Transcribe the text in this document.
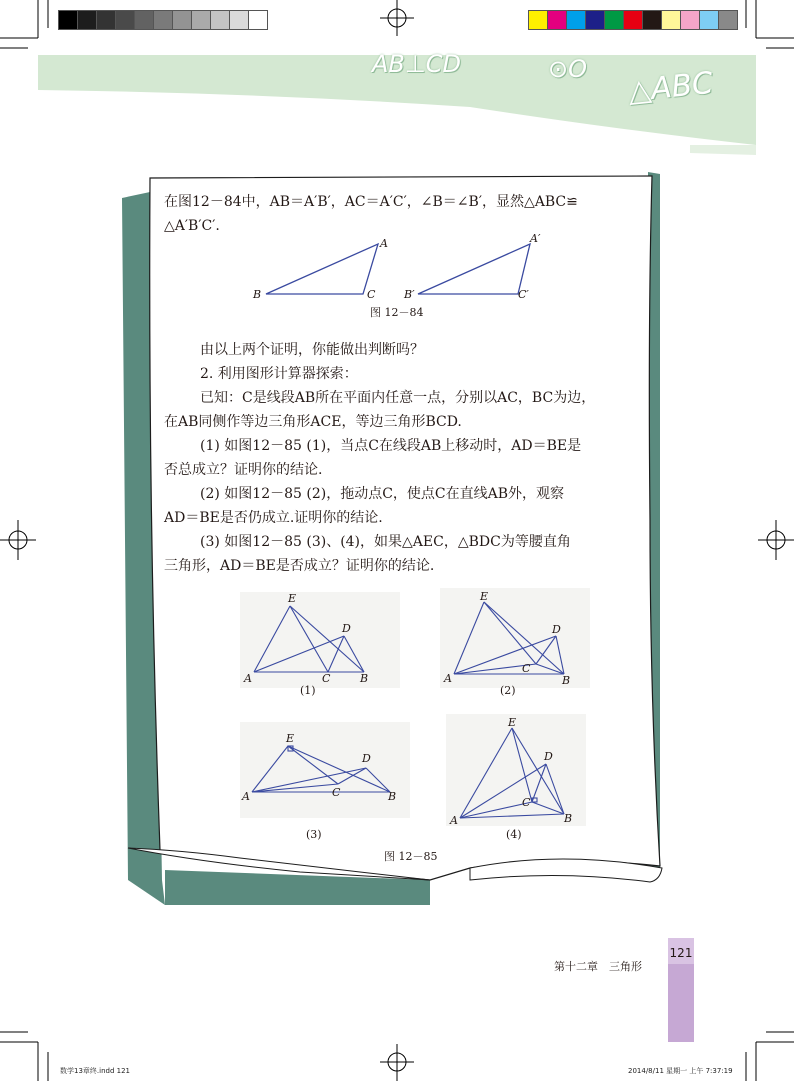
AB⊥CD	⊙O △ABC

在图12－84中，AB＝A′B′，AC＝A′C′，∠B＝∠B′，显然△ABC≌

△A′B′C′.

A
B	C
A′
B′	C′
图 12－84

由以上两个证明，你能做出判断吗？

2. 利用图形计算器探索：

已知：C是线段AB所在平面内任意一点，分别以AC，BC为边，

在AB同侧作等边三角形ACE，等边三角形BCD.

(1) 如图12－85 (1)，当点C在线段AB上移动时，AD＝BE是

否总成立？证明你的结论.

(2) 如图12－85 (2)，拖动点C，使点C在直线AB外，观察

AD＝BE是否仍成立.证明你的结论.

(3) 如图12－85 (3)、(4)，如果△AEC，△BDC为等腰直角

三角形，AD＝BE是否成立？证明你的结论.

E
D
A	C	B
(1)
E
D
A
C
B
(2)
E
D
A	C	B
(3)
E
D
A
C
B
(4)
图 12－85
第十二章　三角形
121
数学13章终.indd 121	2014/8/11 星期一 上午 7:37:19
